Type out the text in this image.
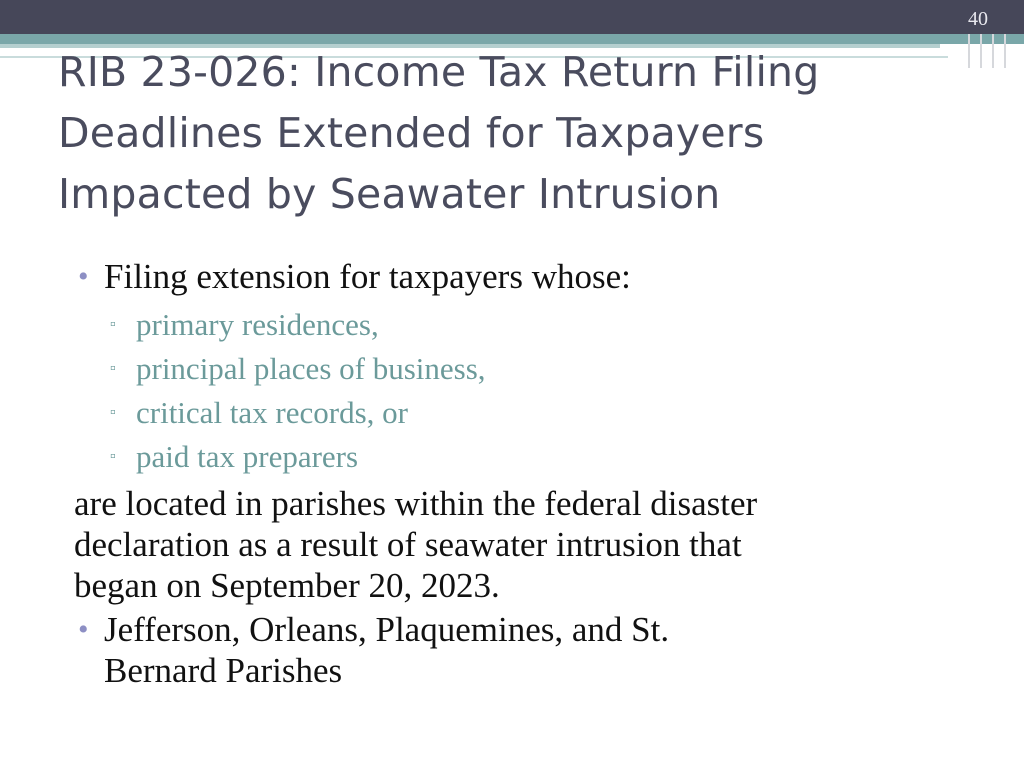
40
RIB 23-026: Income Tax Return Filing
Deadlines Extended for Taxpayers
Impacted by Seawater Intrusion
• Filing extension for taxpayers whose:
▫ primary residences,
▫ principal places of business,
▫ critical tax records, or
▫ paid tax preparers
are located in parishes within the federal disaster
declaration as a result of seawater intrusion that
began on September 20, 2023.
• Jefferson, Orleans, Plaquemines, and St.
Bernard Parishes
